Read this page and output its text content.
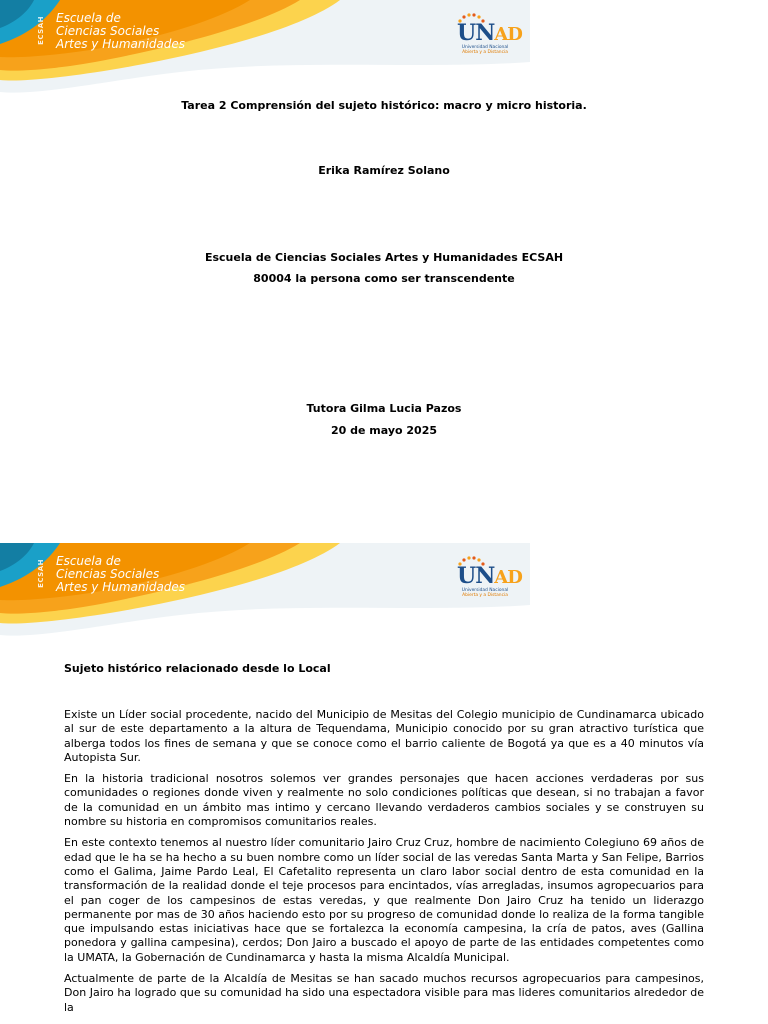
ECSAH Escuela de
Ciencias Sociales
Artes y Humanidades	UNAD
Universidad Nacional
Abierta y a Distancia
Tarea 2 Comprensión del sujeto histórico: macro y micro historia.
Erika Ramírez Solano
Escuela de Ciencias Sociales Artes y Humanidades ECSAH
80004 la persona como ser transcendente
Tutora Gilma Lucia Pazos
20 de mayo 2025
ECSAH Escuela de
Ciencias Sociales
Artes y Humanidades	UNAD
Universidad Nacional
Abierta y a Distancia
Sujeto histórico relacionado desde lo Local

Existe un Líder social procedente, nacido del Municipio de Mesitas del Colegio municipio de Cundinamarca ubicado al sur de este departamento a la altura de Tequendama, Municipio conocido por su gran atractivo turística que alberga todos los fines de semana y que se conoce como el barrio caliente de Bogotá ya que es a 40 minutos vía Autopista Sur.

En la historia tradicional nosotros solemos ver grandes personajes que hacen acciones verdaderas por sus comunidades o regiones donde viven y realmente no solo condiciones políticas que desean, si no trabajan a favor de la comunidad en un ámbito mas intimo y cercano llevando verdaderos cambios sociales y se construyen su nombre su historia en compromisos comunitarios reales.

En este contexto tenemos al nuestro líder comunitario Jairo Cruz Cruz, hombre de nacimiento Colegiuno 69 años de edad que le ha se ha hecho a su buen nombre como un líder social de las veredas Santa Marta y San Felipe, Barrios como el Galima, Jaime Pardo Leal, El Cafetalito representa un claro labor social dentro de esta comunidad en la transformación de la realidad donde el teje procesos para encintados, vías arregladas, insumos agropecuarios para el pan coger de los campesinos de estas veredas, y que realmente Don Jairo Cruz ha tenido un liderazgo permanente por mas de 30 años haciendo esto por su progreso de comunidad donde lo realiza de la forma tangible que impulsando estas iniciativas hace que se fortalezca la economía campesina, la cría de patos, aves (Gallina ponedora y gallina campesina), cerdos; Don Jairo a buscado el apoyo de parte de las entidades competentes como la UMATA, la Gobernación de Cundinamarca y hasta la misma Alcaldía Municipal.

Actualmente de parte de la Alcaldía de Mesitas se han sacado muchos recursos agropecuarios para campesinos, Don Jairo ha logrado que su comunidad ha sido una espectadora visible para mas lideres comunitarios alrededor de la
